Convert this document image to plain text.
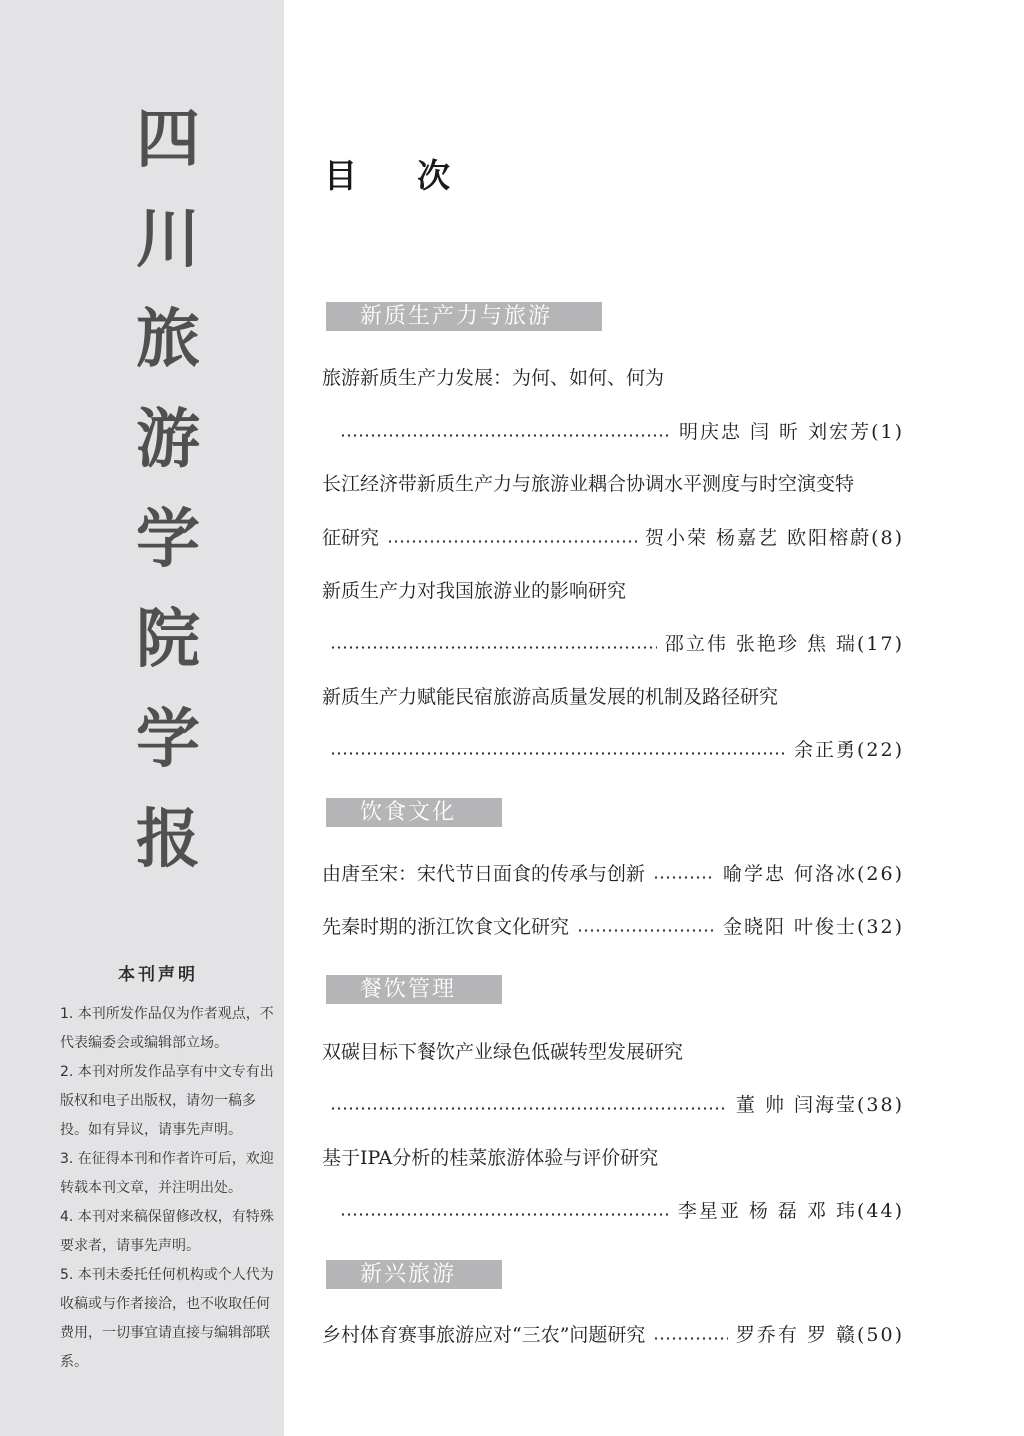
四
川
旅
游
学
院
学
报
本刊声明
1. 本刊所发作品仅为作者观点，不代表编委会或编辑部立场。
2. 本刊对所发作品享有中文专有出版权和电子出版权，请勿一稿多投。如有异议，请事先声明。
3. 在征得本刊和作者许可后，欢迎转载本刊文章，并注明出处。
4. 本刊对来稿保留修改权，有特殊要求者，请事先声明。
5. 本刊未委托任何机构或个人代为收稿或与作者接洽，也不收取任何费用，一切事宜请直接与编辑部联系。
目 次
新质生产力与旅游
旅游新质生产力发展：为何、如何、何为
明庆忠 闫 昕 刘宏芳(1)
长江经济带新质生产力与旅游业耦合协调水平测度与时空演变特
征研究	贺小荣 杨嘉艺 欧阳榕蔚(8)
新质生产力对我国旅游业的影响研究
邵立伟 张艳珍 焦 瑞(17)
新质生产力赋能民宿旅游高质量发展的机制及路径研究
余正勇(22)
饮食文化
由唐至宋：宋代节日面食的传承与创新	喻学忠 何洛冰(26)
先秦时期的浙江饮食文化研究	金晓阳 叶俊士(32)
餐饮管理
双碳目标下餐饮产业绿色低碳转型发展研究
董 帅 闫海莹(38)
基于IPA分析的桂菜旅游体验与评价研究
李星亚 杨 磊 邓 玮(44)
新兴旅游
乡村体育赛事旅游应对“三农”问题研究	罗乔有 罗 赣(50)
